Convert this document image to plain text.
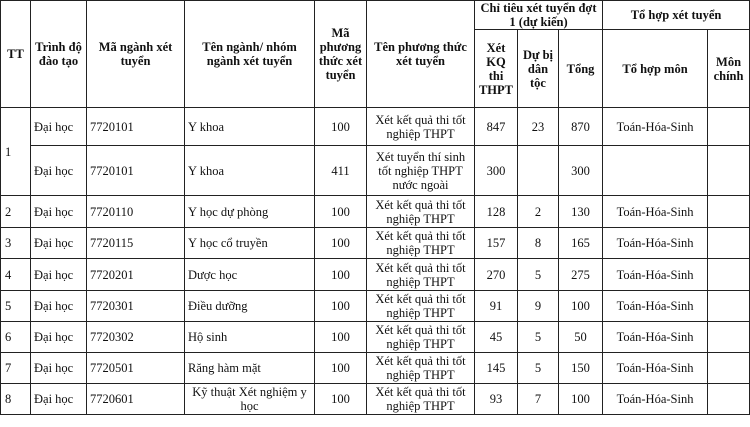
TT	Trình độ đào tạo	Mã ngành xét tuyển	Tên ngành/ nhóm ngành xét tuyển	Mã phương thức xét tuyển	Tên phương thức xét tuyển	Chỉ tiêu xét tuyển đợt 1 (dự kiến)			Tổ hợp xét tuyển	
						Xét KQ thi THPT	Dự bị dân tộc	Tổng	Tổ hợp môn	Môn chính
1	Đại học	7720101	Y khoa	100	Xét kết quả thi tốt nghiệp THPT	847	23	870	Toán-Hóa-Sinh	
	Đại học	7720101	Y khoa	411	Xét tuyển thí sinh tốt nghiệp THPT nước ngoài	300		300		
2	Đại học	7720110	Y học dự phòng	100	Xét kết quả thi tốt nghiệp THPT	128	2	130	Toán-Hóa-Sinh	
3	Đại học	7720115	Y học cổ truyền	100	Xét kết quả thi tốt nghiệp THPT	157	8	165	Toán-Hóa-Sinh	
4	Đại học	7720201	Dược học	100	Xét kết quả thi tốt nghiệp THPT	270	5	275	Toán-Hóa-Sinh	
5	Đại học	7720301	Điều dưỡng	100	Xét kết quả thi tốt nghiệp THPT	91	9	100	Toán-Hóa-Sinh	
6	Đại học	7720302	Hộ sinh	100	Xét kết quả thi tốt nghiệp THPT	45	5	50	Toán-Hóa-Sinh	
7	Đại học	7720501	Răng hàm mặt	100	Xét kết quả thi tốt nghiệp THPT	145	5	150	Toán-Hóa-Sinh	
8	Đại học	7720601	Kỹ thuật Xét nghiệm y học	100	Xét kết quả thi tốt nghiệp THPT	93	7	100	Toán-Hóa-Sinh	
